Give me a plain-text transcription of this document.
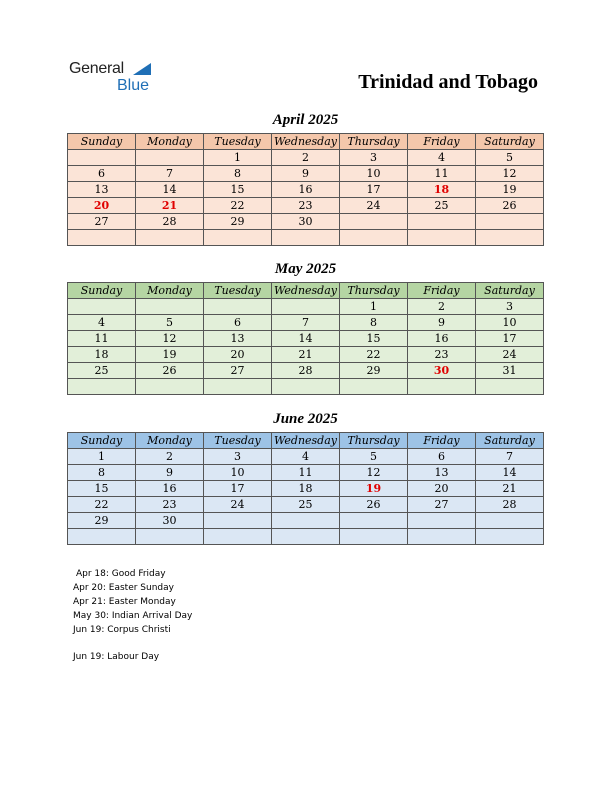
General
Blue	Trinidad and Tobago
April 2025
Sunday	Monday	Tuesday	Wednesday	Thursday	Friday	Saturday
		1	2	3	4	5
6	7	8	9	10	11	12
13	14	15	16	17	18	19
20	21	22	23	24	25	26
27	28	29	30			

May 2025
Sunday	Monday	Tuesday	Wednesday	Thursday	Friday	Saturday
				1	2	3
4	5	6	7	8	9	10
11	12	13	14	15	16	17
18	19	20	21	22	23	24
25	26	27	28	29	30	31

June 2025
Sunday	Monday	Tuesday	Wednesday	Thursday	Friday	Saturday
1	2	3	4	5	6	7
8	9	10	11	12	13	14
15	16	17	18	19	20	21
22	23	24	25	26	27	28
29	30					

Apr 18: Good Friday
Apr 20: Easter Sunday
Apr 21: Easter Monday
May 30: Indian Arrival Day
Jun 19: Corpus Christi
Jun 19: Labour Day
